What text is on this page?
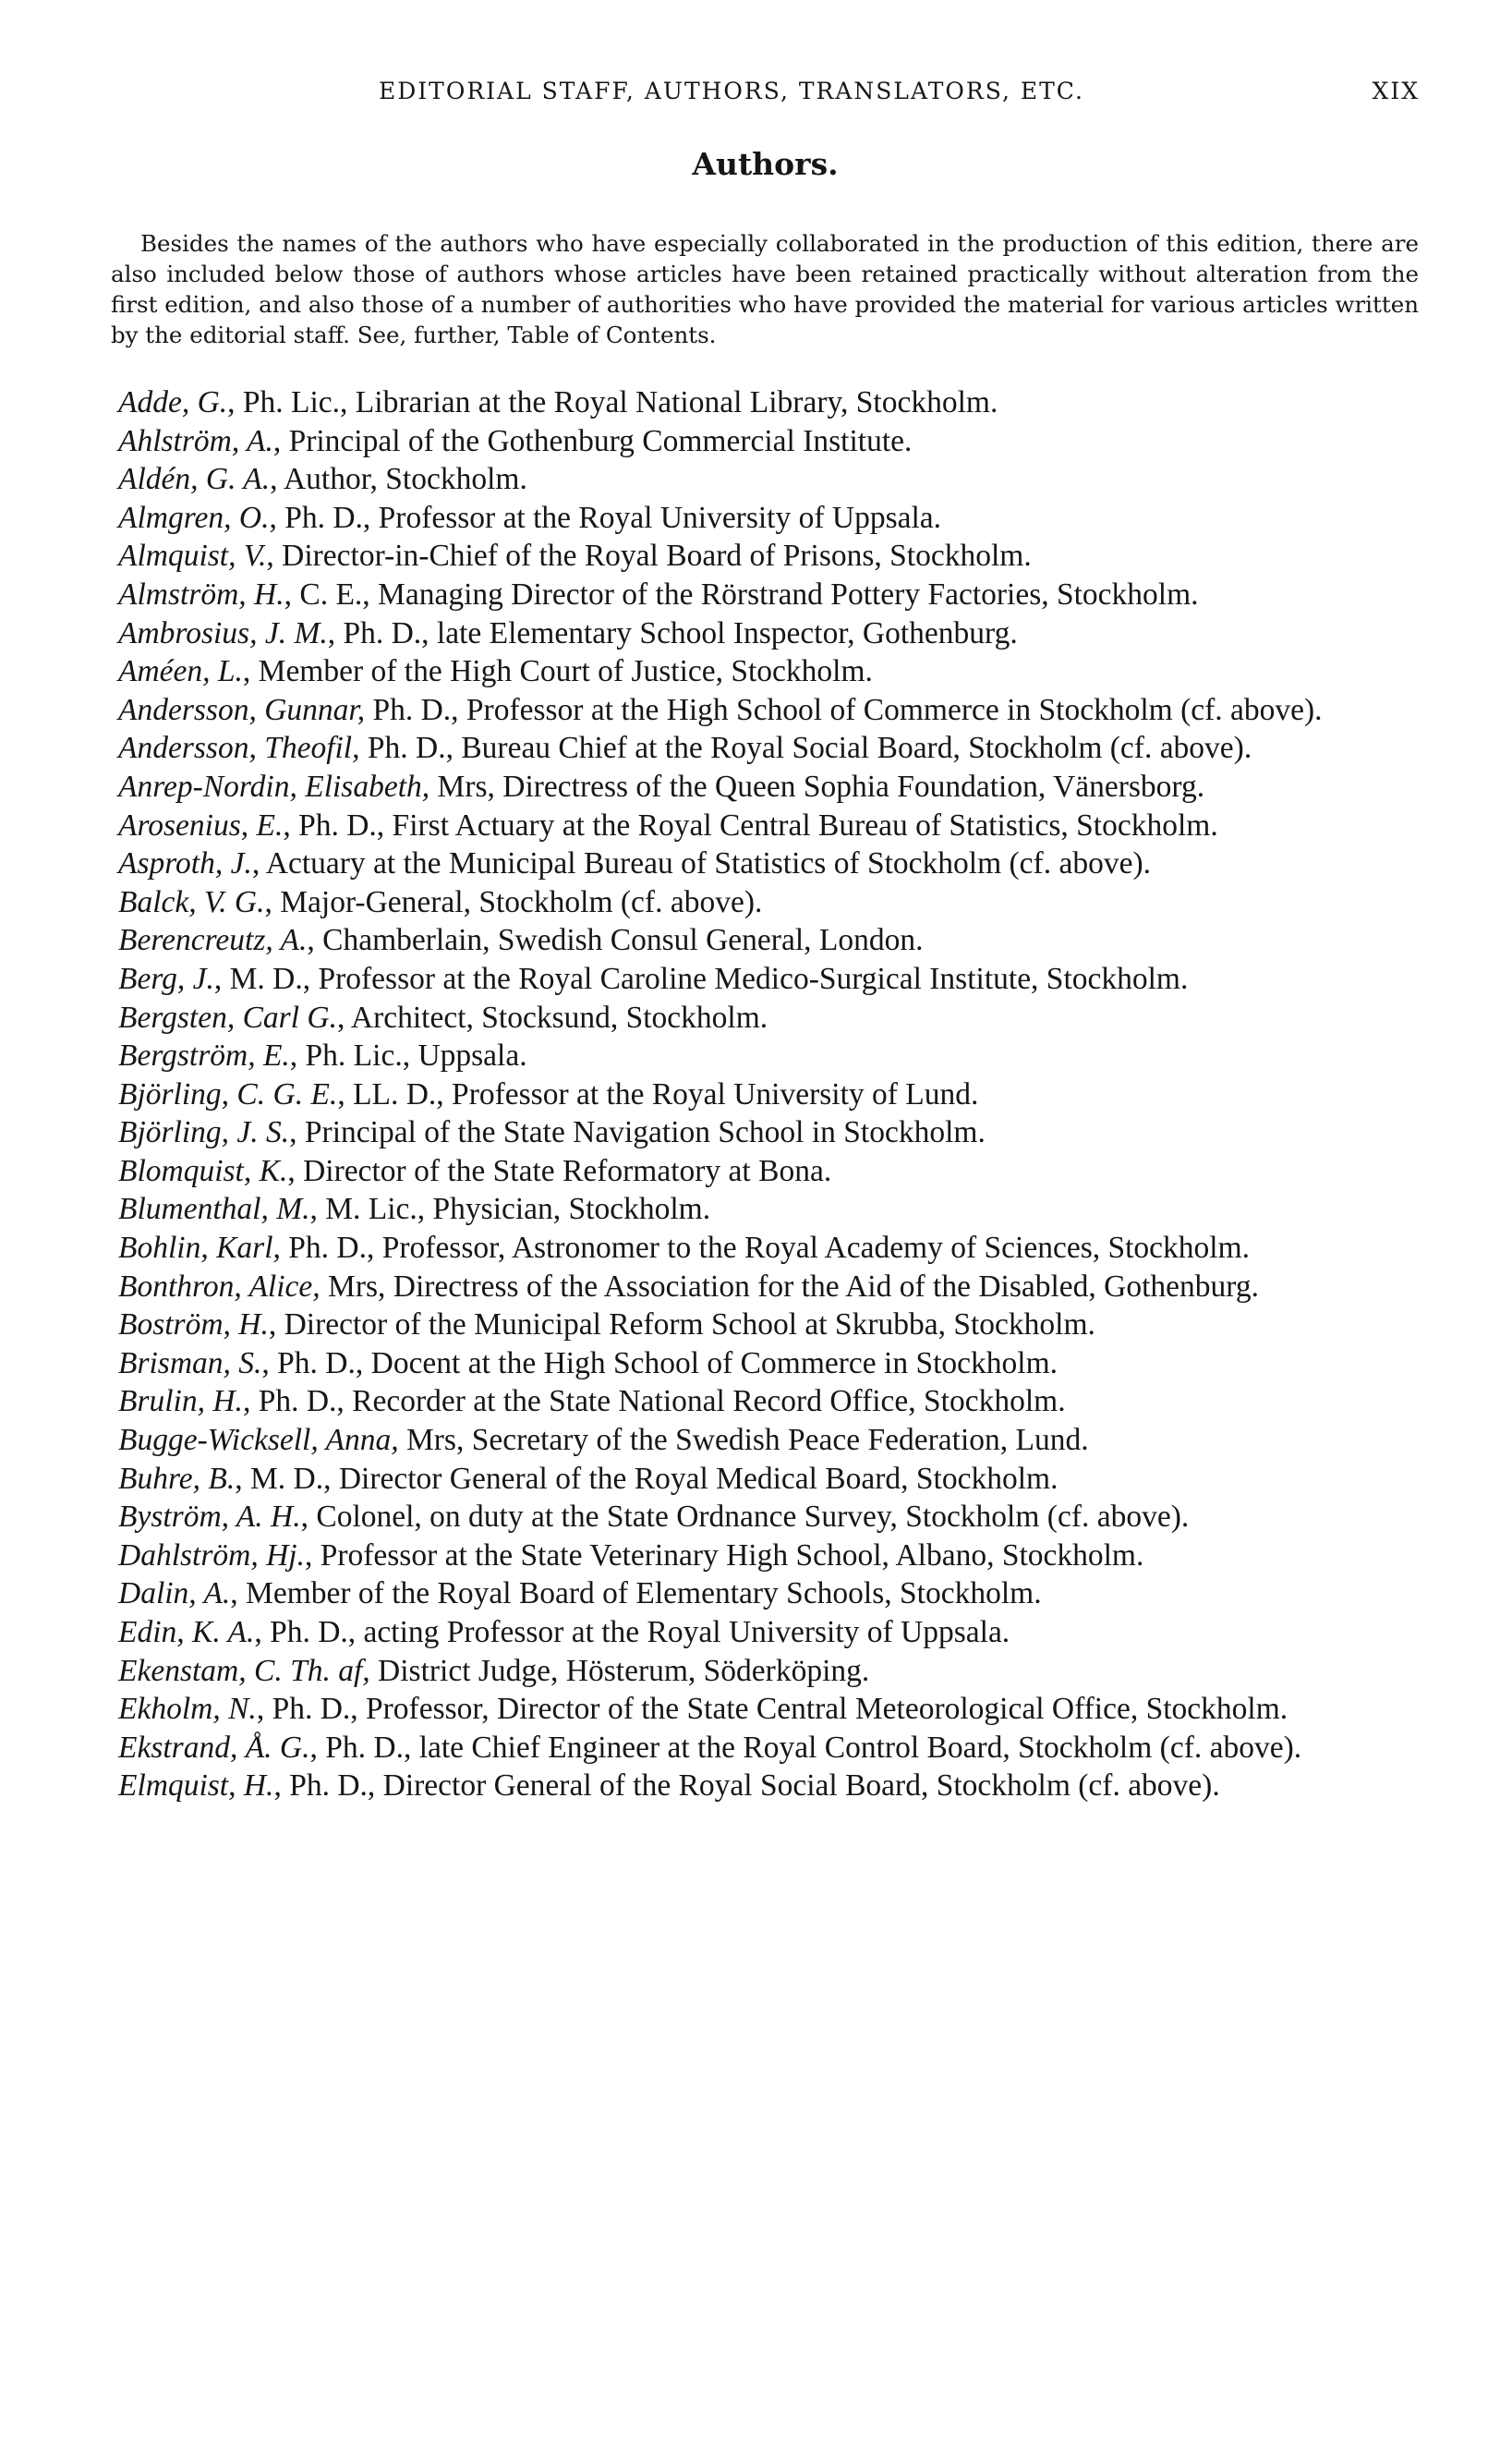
EDITORIAL STAFF, AUTHORS, TRANSLATORS, ETC.	XIX
Authors.

Besides the names of the authors who have especially collaborated in the production of this edition, there are also included below those of authors whose articles have been retained practically without alteration from the first edition, and also those of a number of authorities who have provided the material for various articles written by the editorial staff. See, further, Table of Contents.

Adde, G., Ph. Lic., Librarian at the Royal National Library, Stockholm.
Ahlström, A., Principal of the Gothenburg Commercial Institute.
Aldén, G. A., Author, Stockholm.
Almgren, O., Ph. D., Professor at the Royal University of Uppsala.
Almquist, V., Director-in-Chief of the Royal Board of Prisons, Stockholm.
Almström, H., C. E., Managing Director of the Rörstrand Pottery Factories, Stockholm.
Ambrosius, J. M., Ph. D., late Elementary School Inspector, Gothenburg.
Améen, L., Member of the High Court of Justice, Stockholm.
Andersson, Gunnar, Ph. D., Professor at the High School of Commerce in Stockholm (cf. above).
Andersson, Theofil, Ph. D., Bureau Chief at the Royal Social Board, Stockholm (cf. above).
Anrep-Nordin, Elisabeth, Mrs, Directress of the Queen Sophia Foundation, Vänersborg.
Arosenius, E., Ph. D., First Actuary at the Royal Central Bureau of Statistics, Stockholm.
Asproth, J., Actuary at the Municipal Bureau of Statistics of Stockholm (cf. above).
Balck, V. G., Major-General, Stockholm (cf. above).
Berencreutz, A., Chamberlain, Swedish Consul General, London.
Berg, J., M. D., Professor at the Royal Caroline Medico-Surgical Institute, Stockholm.
Bergsten, Carl G., Architect, Stocksund, Stockholm.
Bergström, E., Ph. Lic., Uppsala.
Björling, C. G. E., LL. D., Professor at the Royal University of Lund.
Björling, J. S., Principal of the State Navigation School in Stockholm.
Blomquist, K., Director of the State Reformatory at Bona.
Blumenthal, M., M. Lic., Physician, Stockholm.
Bohlin, Karl, Ph. D., Professor, Astronomer to the Royal Academy of Sciences, Stockholm.
Bonthron, Alice, Mrs, Directress of the Association for the Aid of the Disabled, Gothenburg.
Boström, H., Director of the Municipal Reform School at Skrubba, Stockholm.
Brisman, S., Ph. D., Docent at the High School of Commerce in Stockholm.
Brulin, H., Ph. D., Recorder at the State National Record Office, Stockholm.
Bugge-Wicksell, Anna, Mrs, Secretary of the Swedish Peace Federation, Lund.
Buhre, B., M. D., Director General of the Royal Medical Board, Stockholm.
Byström, A. H., Colonel, on duty at the State Ordnance Survey, Stockholm (cf. above).
Dahlström, Hj., Professor at the State Veterinary High School, Albano, Stockholm.
Dalin, A., Member of the Royal Board of Elementary Schools, Stockholm.
Edin, K. A., Ph. D., acting Professor at the Royal University of Uppsala.
Ekenstam, C. Th. af, District Judge, Hösterum, Söderköping.
Ekholm, N., Ph. D., Professor, Director of the State Central Meteorological Office, Stockholm.
Ekstrand, Å. G., Ph. D., late Chief Engineer at the Royal Control Board, Stockholm (cf. above).
Elmquist, H., Ph. D., Director General of the Royal Social Board, Stockholm (cf. above).
